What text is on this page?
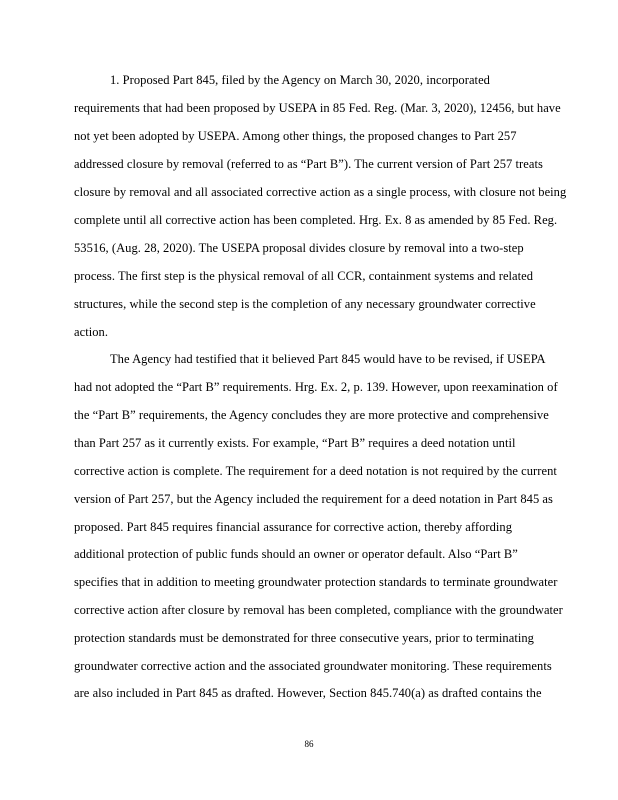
1. Proposed Part 845, filed by the Agency on March 30, 2020, incorporated
requirements that had been proposed by USEPA in 85 Fed. Reg. (Mar. 3, 2020), 12456, but have
not yet been adopted by USEPA. Among other things, the proposed changes to Part 257
addressed closure by removal (referred to as “Part B”). The current version of Part 257 treats
closure by removal and all associated corrective action as a single process, with closure not being
complete until all corrective action has been completed. Hrg. Ex. 8 as amended by 85 Fed. Reg.
53516, (Aug. 28, 2020). The USEPA proposal divides closure by removal into a two-step
process. The first step is the physical removal of all CCR, containment systems and related
structures, while the second step is the completion of any necessary groundwater corrective
action.
The Agency had testified that it believed Part 845 would have to be revised, if USEPA
had not adopted the “Part B” requirements. Hrg. Ex. 2, p. 139. However, upon reexamination of
the “Part B” requirements, the Agency concludes they are more protective and comprehensive
than Part 257 as it currently exists. For example, “Part B” requires a deed notation until
corrective action is complete. The requirement for a deed notation is not required by the current
version of Part 257, but the Agency included the requirement for a deed notation in Part 845 as
proposed. Part 845 requires financial assurance for corrective action, thereby affording
additional protection of public funds should an owner or operator default. Also “Part B”
specifies that in addition to meeting groundwater protection standards to terminate groundwater
corrective action after closure by removal has been completed, compliance with the groundwater
protection standards must be demonstrated for three consecutive years, prior to terminating
groundwater corrective action and the associated groundwater monitoring. These requirements
are also included in Part 845 as drafted. However, Section 845.740(a) as drafted contains the
86
